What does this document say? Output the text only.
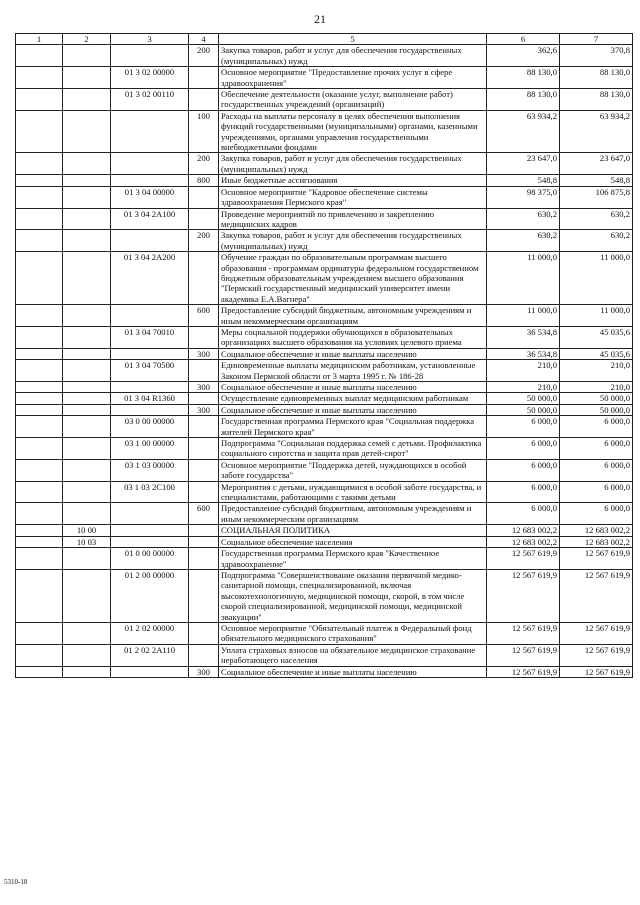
21
1	2	3	4	5	6	7
			200	Закупка товаров, работ и услуг для обеспечения государственных (муниципальных) нужд	362,6	370,8
		01 3 02 00000		Основное мероприятие "Предоставление прочих услуг в сфере здравоохранения"	88 130,0	88 130,0
		01 3 02 00110		Обеспечение деятельности (оказание услуг, выполнение работ) государственных учреждений (организаций)	88 130,0	88 130,0
			100	Расходы на выплаты персоналу в целях обеспечения выполнения функций государственными (муниципальными) органами, казенными учреждениями, органами управления государственными внебюджетными фондами	63 934,2	63 934,2
			200	Закупка товаров, работ и услуг для обеспечения государственных (муниципальных) нужд	23 647,0	23 647,0
			800	Иные бюджетные ассигнования	548,8	548,8
		01 3 04 00000		Основное мероприятие "Кадровое обеспечение системы здравоохранения Пермского края"	98 375,0	106 875,8
		01 3 04 2А100		Проведение мероприятий по привлечению и закреплению медицинских кадров	630,2	630,2
			200	Закупка товаров, работ и услуг для обеспечения государственных (муниципальных) нужд	630,2	630,2
		01 3 04 2А200		Обучение граждан по образовательным программам высшего образования - программам ординатуры федеральном государственном бюджетным образовательным учреждением высшего образования "Пермский государственный медицинский университет имени академика Е.А.Вагнера"	11 000,0	11 000,0
			600	Предоставление субсидий бюджетным, автономным учреждениям и иным некоммерческим организациям	11 000,0	11 000,0
		01 3 04 70010		Меры социальной поддержки обучающихся в образовательных организациях высшего образования на условиях целевого приема	36 534,8	45 035,6
			300	Социальное обеспечение и иные выплаты населению	36 534,8	45 035,6
		01 3 04 70500		Единовременные выплаты медицинским работникам, установленные Законом Пермской области от 3 марта 1995 г. № 186-28	210,0	210,0
			300	Социальное обеспечение и иные выплаты населению	210,0	210,0
		01 3 04 R1360		Осуществление единовременных выплат медицинским работникам	50 000,0	50 000,0
			300	Социальное обеспечение и иные выплаты населению	50 000,0	50 000,0
		03 0 00 00000		Государственная программа Пермского края "Социальная поддержка жителей Пермского края"	6 000,0	6 000,0
		03 1 00 00000		Подпрограмма "Социальная поддержка семей с детьми. Профилактика социального сиротства и защита прав детей-сирот"	6 000,0	6 000,0
		03 1 03 00000		Основное мероприятие "Поддержка детей, нуждающихся в особой заботе государства"	6 000,0	6 000,0
		03 1 03 2С100		Мероприятия с детьми, нуждающимися в особой заботе государства, и специалистами, работающими с такими детьми	6 000,0	6 000,0
			600	Предоставление субсидий бюджетным, автономным учреждениям и иным некоммерческим организациям	6 000,0	6 000,0
	10 00			СОЦИАЛЬНАЯ ПОЛИТИКА	12 683 002,2	12 683 002,2
	10 03			Социальное обеспечение населения	12 683 002,2	12 683 002,2
		01 0 00 00000		Государственная программа Пермского края "Качественное здравоохранение"	12 567 619,9	12 567 619,9
		01 2 00 00000		Подпрограмма "Совершенствование оказания первичной медико-санитарной помощи, специализированной, включая высокотехнологичную, медицинской помощи, скорой, в том числе скорой специализированной, медицинской помощи, медицинской эвакуации"	12 567 619,9	12 567 619,9
		01 2 02 00000		Основное мероприятие "Обязательный платеж в Федеральный фонд обязательного медицинского страхования"	12 567 619,9	12 567 619,9
		01 2 02 2А110		Уплата страховых взносов на обязательное медицинское страхование неработающего населения	12 567 619,9	12 567 619,9
			300	Социальное обеспечение и иные выплаты населению	12 567 619,9	12 567 619,9
5310-18
